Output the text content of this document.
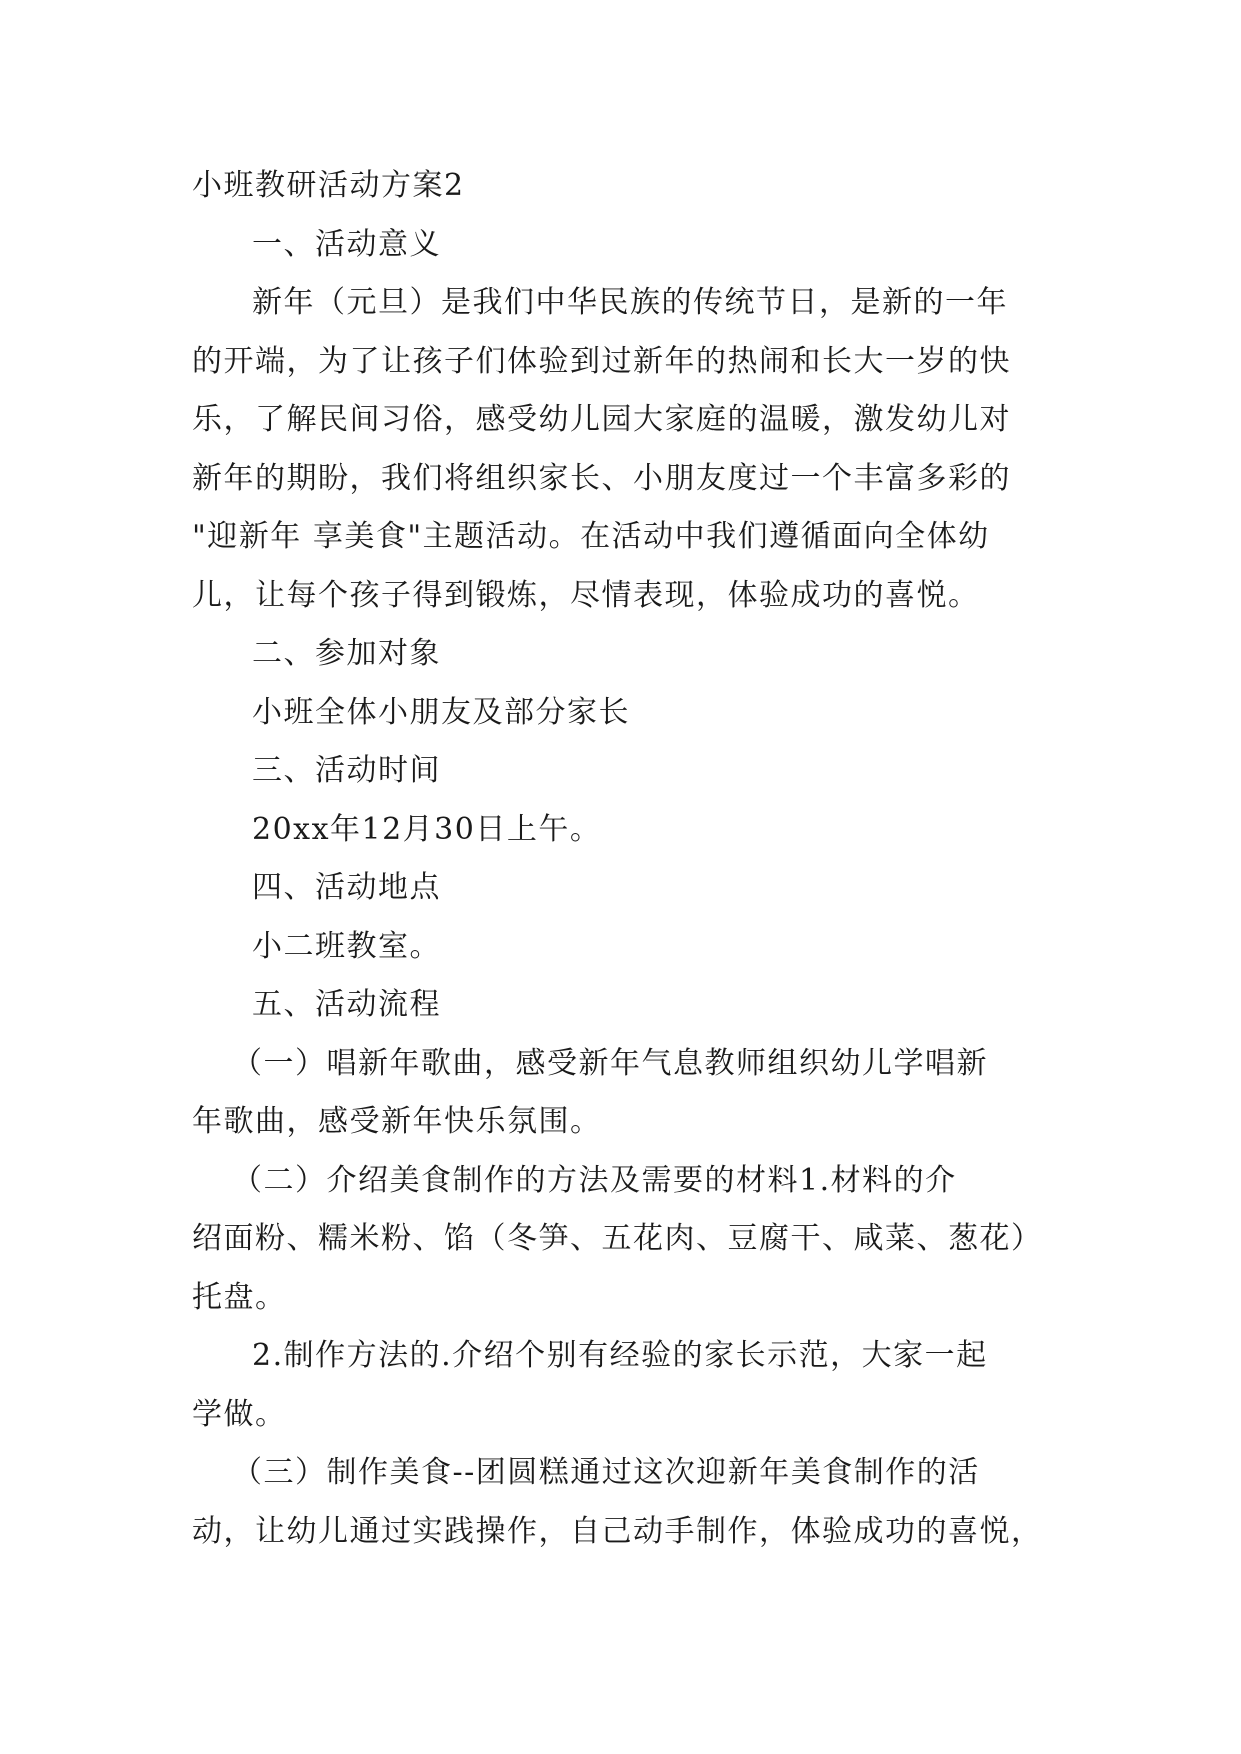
小班教研活动方案2
一、活动意义
新年（元旦）是我们中华民族的传统节日，是新的一年
的开端，为了让孩子们体验到过新年的热闹和长大一岁的快
乐，了解民间习俗，感受幼儿园大家庭的温暖，激发幼儿对
新年的期盼，我们将组织家长、小朋友度过一个丰富多彩的
"迎新年 享美食"主题活动。在活动中我们遵循面向全体幼
儿，让每个孩子得到锻炼，尽情表现，体验成功的喜悦。
二、参加对象
小班全体小朋友及部分家长
三、活动时间
20xx年12月30日上午。
四、活动地点
小二班教室。
五、活动流程
（一）唱新年歌曲，感受新年气息教师组织幼儿学唱新
年歌曲，感受新年快乐氛围。
（二）介绍美食制作的方法及需要的材料1.材料的介
绍面粉、糯米粉、馅（冬笋、五花肉、豆腐干、咸菜、葱花）
托盘。
2.制作方法的.介绍个别有经验的家长示范，大家一起
学做。
（三）制作美食--团圆糕通过这次迎新年美食制作的活
动，让幼儿通过实践操作，自己动手制作，体验成功的喜悦，
